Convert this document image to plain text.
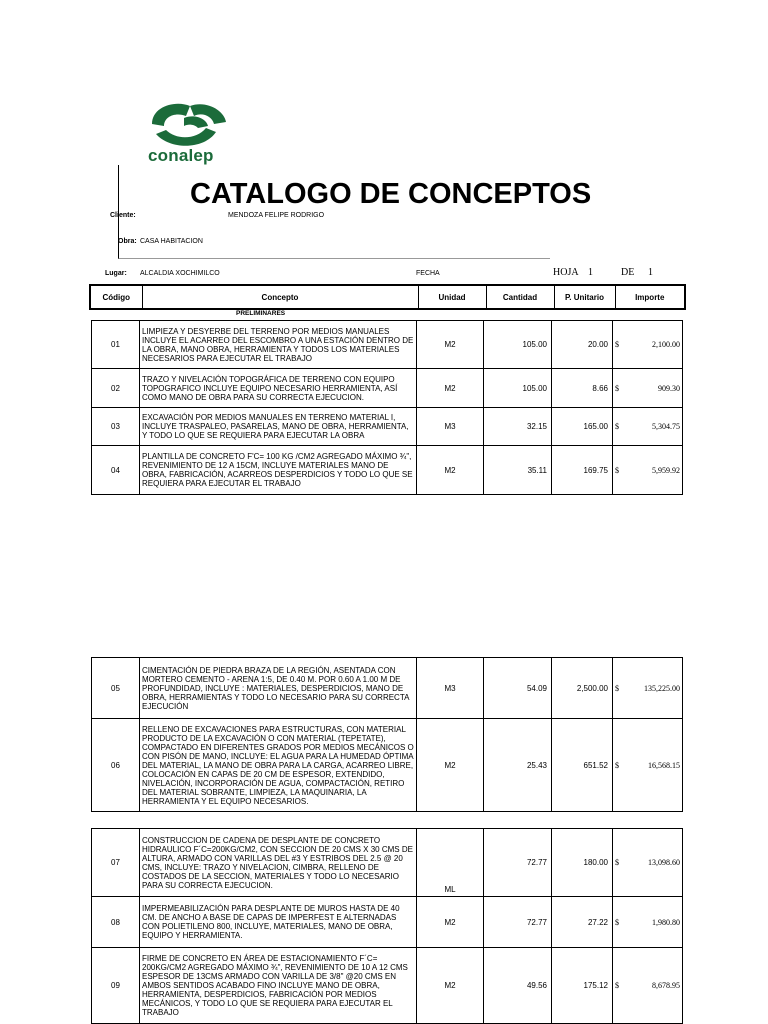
conalep
CATALOGO DE CONCEPTOS
Cliente:	MENDOZA FELIPE RODRIGO
Obra: CASA HABITACION
Lugar: ALCALDIA XOCHIMILCO	FECHA	HOJA 1	DE 1
Código	Concepto	Unidad	Cantidad	P. Unitario	Importe
PRELIMINARES
01	LIMPIEZA Y DESYERBE DEL TERRENO POR MEDIOS MANUALES INCLUYE EL ACARREO DEL ESCOMBRO A UNA ESTACIÓN DENTRO DE LA OBRA, MANO OBRA, HERRAMIENTA Y TODOS LOS MATERIALES NECESARIOS PARA EJECUTAR EL TRABAJO	M2	105.00	20.00	$ 2,100.00

02	TRAZO Y NIVELACIÓN TOPOGRÁFICA DE TERRENO CON EQUIPO TOPOGRAFICO INCLUYE EQUIPO NECESARIO HERRAMIENTA, ASÍ COMO MANO DE OBRA PARA SU CORRECTA EJECUCION.	M2	105.00	8.66	$ 909.30

03	EXCAVACIÓN POR MEDIOS MANUALES EN TERRENO MATERIAL I, INCLUYE TRASPALEO, PASARELAS, MANO DE OBRA, HERRAMIENTA, Y TODO LO QUE SE REQUIERA PARA EJECUTAR LA OBRA	M3	32.15	165.00	$ 5,304.75

04	PLANTILLA DE CONCRETO F'C= 100 KG /CM2 AGREGADO MÁXIMO ¾", REVENIMIENTO DE 12 A 15CM, INCLUYE MATERIALES MANO DE OBRA, FABRICACIÓN, ACARREOS DESPERDICIOS Y TODO LO QUE SE REQUIERA PARA EJECUTAR EL TRABAJO	M2	35.11	169.75	$ 5,959.92
05	CIMENTACIÓN DE PIEDRA BRAZA DE LA REGIÓN, ASENTADA CON MORTERO CEMENTO - ARENA 1:5, DE 0.40 M. POR 0.60 A 1.00 M DE PROFUNDIDAD, INCLUYE : MATERIALES, DESPERDICIOS, MANO DE OBRA, HERRAMIENTAS Y TODO LO NECESARIO PARA SU CORRECTA EJECUCIÓN	M3	54.09	2,500.00	$ 135,225.00

06	RELLENO DE EXCAVACIONES PARA ESTRUCTURAS, CON MATERIAL PRODUCTO DE LA EXCAVACIÓN O CON MATERIAL (TEPETATE), COMPACTADO EN DIFERENTES GRADOS POR MEDIOS MECÁNICOS O CON PISÓN DE MANO, INCLUYE: EL AGUA PARA LA HUMEDAD ÓPTIMA DEL MATERIAL, LA MANO DE OBRA PARA LA CARGA, ACARREO LIBRE, COLOCACIÓN EN CAPAS DE 20 CM DE ESPESOR, EXTENDIDO, NIVELACIÓN, INCORPORACIÓN DE AGUA, COMPACTACIÓN, RETIRO DEL MATERIAL SOBRANTE, LIMPIEZA, LA MAQUINARIA, LA HERRAMIENTA Y EL EQUIPO NECESARIOS.	M2	25.43	651.52	$ 16,568.15
07	CONSTRUCCION DE CADENA DE DESPLANTE DE CONCRETO HIDRAULICO F´C=200KG/CM2, CON SECCION DE 20 CMS X 30 CMS DE ALTURA, ARMADO CON VARILLAS DEL #3 Y ESTRIBOS DEL 2.5 @ 20 CMS, INCLUYE: TRAZO Y NIVELACION, CIMBRA, RELLENO DE COSTADOS DE LA SECCION, MATERIALES Y TODO LO NECESARIO PARA SU CORRECTA EJECUCION.	ML	72.77	180.00	$ 13,098.60

08	IMPERMEABILIZACIÓN PARA DESPLANTE DE MUROS HASTA DE 40 CM. DE ANCHO A BASE DE CAPAS DE IMPERFEST E ALTERNADAS CON POLIETILENO 800, INCLUYE, MATERIALES, MANO DE OBRA, EQUIPO Y HERRAMIENTA.	M2	72.77	27.22	$ 1,980.80

09	FIRME DE CONCRETO EN ÁREA DE ESTACIONAMIENTO F´C= 200KG/CM2 AGREGADO MÁXIMO ¾", REVENIMIENTO DE 10 A 12 CMS ESPESOR DE 13CMS ARMADO CON VARILLA DE 3/8" @20 CMS EN AMBOS SENTIDOS ACABADO FINO INCLUYE MANO DE OBRA, HERRAMIENTA, DESPERDICIOS, FABRICACIÓN POR MEDIOS MECÁNICOS, Y TODO LO QUE SE REQUIERA PARA EJECUTAR EL TRABAJO	M2	49.56	175.12	$ 8,678.95
